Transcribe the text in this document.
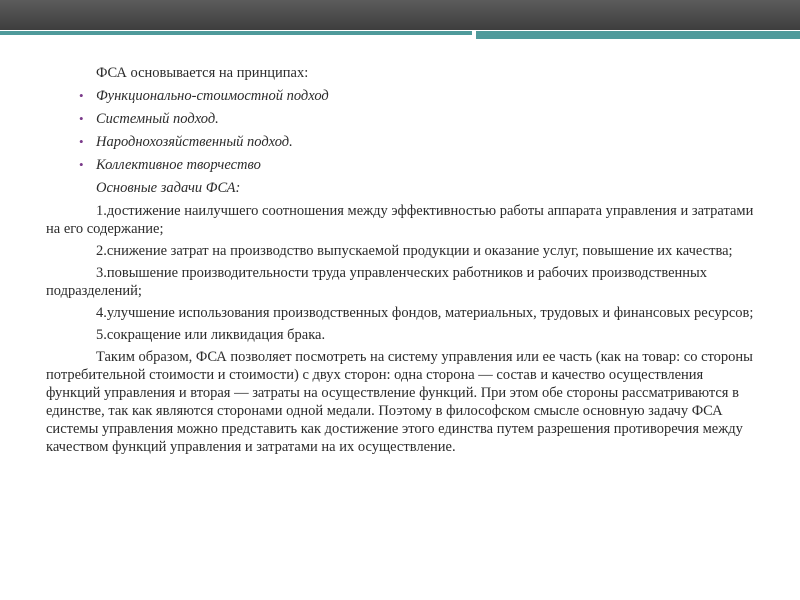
ФСА основывается на принципах:

• Функционально-стоимостной подход

• Системный подход.

• Народнохозяйственный подход.

• Коллективное творчество

Основные задачи ФСА:

1.достижение наилучшего соотношения между эффективностью работы аппарата управления и затратами на его содержание;

2.снижение затрат на производство выпускаемой продукции и оказание услуг, повышение их качества;

3.повышение производительности труда управленческих работников и рабочих производственных подразделений;

4.улучшение использования производственных фондов, материальных, трудовых и финансовых ресурсов;

5.сокращение или ликвидация брака.

Таким образом, ФСА позволяет посмотреть на систему управления или ее часть (как на товар: со стороны потребительной стоимости и стоимости) с двух сторон: одна сторона — состав и качество осуществления функций управления и вторая — затраты на осуществление функций. При этом обе стороны рассматриваются в единстве, так как являются сторонами одной медали. Поэтому в философском смысле основную задачу ФСА системы управления можно представить как достижение этого единства путем разрешения противоречия между качеством функций управления и затратами на их осуществление.
